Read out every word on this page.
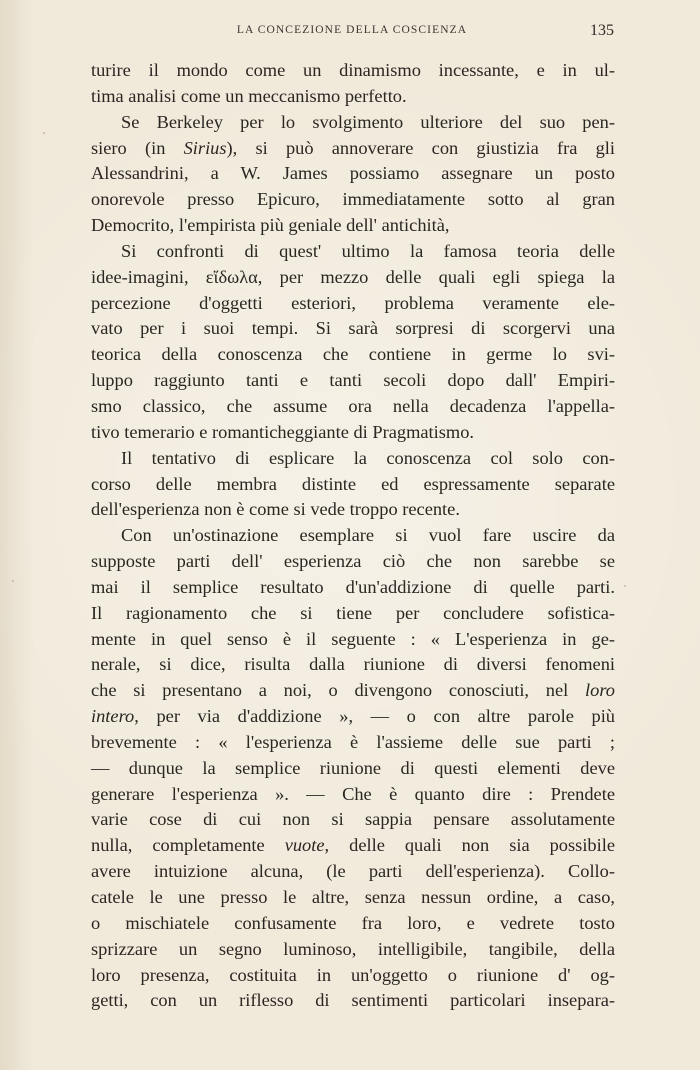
LA CONCEZIONE DELLA COSCIENZA	135
turire il mondo come un dinamismo incessante, e in ul-
tima analisi come un meccanismo perfetto.
Se Berkeley per lo svolgimento ulteriore del suo pen-
siero (in Sirius), si può annoverare con giustizia fra gli
Alessandrini, a W. James possiamo assegnare un posto
onorevole presso Epicuro, immediatamente sotto al gran
Democrito, l'empirista più geniale dell' antichità,
Si confronti di quest' ultimo la famosa teoria delle
idee-imagini, εἴδωλα, per mezzo delle quali egli spiega la
percezione d'oggetti esteriori, problema veramente ele-
vato per i suoi tempi. Si sarà sorpresi di scorgervi una
teorica della conoscenza che contiene in germe lo svi-
luppo raggiunto tanti e tanti secoli dopo dall' Empiri-
smo classico, che assume ora nella decadenza l'appella-
tivo temerario e romanticheggiante di Pragmatismo.
Il tentativo di esplicare la conoscenza col solo con-
corso delle membra distinte ed espressamente separate
dell'esperienza non è come si vede troppo recente.
Con un'ostinazione esemplare si vuol fare uscire da
supposte parti dell' esperienza ciò che non sarebbe se
mai il semplice resultato d'un'addizione di quelle parti.
Il ragionamento che si tiene per concludere sofistica-
mente in quel senso è il seguente : « L'esperienza in ge-
nerale, si dice, risulta dalla riunione di diversi fenomeni
che si presentano a noi, o divengono conosciuti, nel loro
intero, per via d'addizione », — o con altre parole più
brevemente : « l'esperienza è l'assieme delle sue parti ;
— dunque la semplice riunione di questi elementi deve
generare l'esperienza ». — Che è quanto dire : Prendete
varie cose di cui non si sappia pensare assolutamente
nulla, completamente vuote, delle quali non sia possibile
avere intuizione alcuna, (le parti dell'esperienza). Collo-
catele le une presso le altre, senza nessun ordine, a caso,
o mischiatele confusamente fra loro, e vedrete tosto
sprizzare un segno luminoso, intelligibile, tangibile, della
loro presenza, costituita in un'oggetto o riunione d' og-
getti, con un riflesso di sentimenti particolari insepara-
